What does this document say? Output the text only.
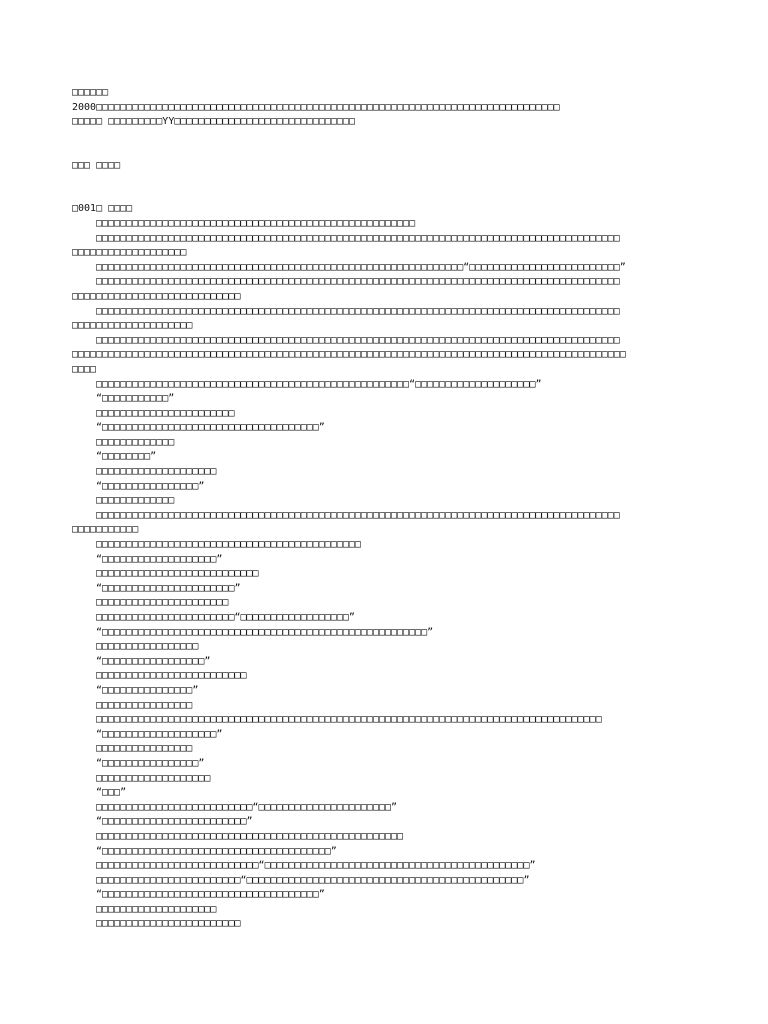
□□□□□□
2000□□□□□□□□□□□□□□□□□□□□□□□□□□□□□□□□□□□□□□□□□□□□□□□□□□□□□□□□□□□□□□□□□□□□□□□□□□□□□
□□□□□ □□□□□□□□□YY□□□□□□□□□□□□□□□□□□□□□□□□□□□□□□
□□□ □□□□
□001□ □□□□
□□□□□□□□□□□□□□□□□□□□□□□□□□□□□□□□□□□□□□□□□□□□□□□□□□□□□
□□□□□□□□□□□□□□□□□□□□□□□□□□□□□□□□□□□□□□□□□□□□□□□□□□□□□□□□□□□□□□□□□□□□□□□□□□□□□□□□□□□□□□□
□□□□□□□□□□□□□□□□□□□
□□□□□□□□□□□□□□□□□□□□□□□□□□□□□□□□□□□□□□□□□□□□□□□□□□□□□□□□□□□□□“□□□□□□□□□□□□□□□□□□□□□□□□□”
□□□□□□□□□□□□□□□□□□□□□□□□□□□□□□□□□□□□□□□□□□□□□□□□□□□□□□□□□□□□□□□□□□□□□□□□□□□□□□□□□□□□□□□
□□□□□□□□□□□□□□□□□□□□□□□□□□□□
□□□□□□□□□□□□□□□□□□□□□□□□□□□□□□□□□□□□□□□□□□□□□□□□□□□□□□□□□□□□□□□□□□□□□□□□□□□□□□□□□□□□□□□
□□□□□□□□□□□□□□□□□□□□
□□□□□□□□□□□□□□□□□□□□□□□□□□□□□□□□□□□□□□□□□□□□□□□□□□□□□□□□□□□□□□□□□□□□□□□□□□□□□□□□□□□□□□□
□□□□□□□□□□□□□□□□□□□□□□□□□□□□□□□□□□□□□□□□□□□□□□□□□□□□□□□□□□□□□□□□□□□□□□□□□□□□□□□□□□□□□□□□□□□□
□□□□
□□□□□□□□□□□□□□□□□□□□□□□□□□□□□□□□□□□□□□□□□□□□□□□□□□□□“□□□□□□□□□□□□□□□□□□□□”
“□□□□□□□□□□□”
□□□□□□□□□□□□□□□□□□□□□□□
“□□□□□□□□□□□□□□□□□□□□□□□□□□□□□□□□□□□□”
□□□□□□□□□□□□□
“□□□□□□□□”
□□□□□□□□□□□□□□□□□□□□
“□□□□□□□□□□□□□□□□”
□□□□□□□□□□□□□
□□□□□□□□□□□□□□□□□□□□□□□□□□□□□□□□□□□□□□□□□□□□□□□□□□□□□□□□□□□□□□□□□□□□□□□□□□□□□□□□□□□□□□□
□□□□□□□□□□□
□□□□□□□□□□□□□□□□□□□□□□□□□□□□□□□□□□□□□□□□□□□□
“□□□□□□□□□□□□□□□□□□□”
□□□□□□□□□□□□□□□□□□□□□□□□□□□
“□□□□□□□□□□□□□□□□□□□□□□”
□□□□□□□□□□□□□□□□□□□□□□
□□□□□□□□□□□□□□□□□□□□□□□“□□□□□□□□□□□□□□□□□□”
“□□□□□□□□□□□□□□□□□□□□□□□□□□□□□□□□□□□□□□□□□□□□□□□□□□□□□□”
□□□□□□□□□□□□□□□□□
“□□□□□□□□□□□□□□□□□”
□□□□□□□□□□□□□□□□□□□□□□□□□
“□□□□□□□□□□□□□□□”
□□□□□□□□□□□□□□□□
□□□□□□□□□□□□□□□□□□□□□□□□□□□□□□□□□□□□□□□□□□□□□□□□□□□□□□□□□□□□□□□□□□□□□□□□□□□□□□□□□□□□
“□□□□□□□□□□□□□□□□□□□”
□□□□□□□□□□□□□□□□
“□□□□□□□□□□□□□□□□”
□□□□□□□□□□□□□□□□□□□
“□□□”
□□□□□□□□□□□□□□□□□□□□□□□□□□“□□□□□□□□□□□□□□□□□□□□□□”
“□□□□□□□□□□□□□□□□□□□□□□□□”
□□□□□□□□□□□□□□□□□□□□□□□□□□□□□□□□□□□□□□□□□□□□□□□□□□□
“□□□□□□□□□□□□□□□□□□□□□□□□□□□□□□□□□□□□□□”
□□□□□□□□□□□□□□□□□□□□□□□□□□□“□□□□□□□□□□□□□□□□□□□□□□□□□□□□□□□□□□□□□□□□□□□□”
□□□□□□□□□□□□□□□□□□□□□□□□“□□□□□□□□□□□□□□□□□□□□□□□□□□□□□□□□□□□□□□□□□□□□□□”
“□□□□□□□□□□□□□□□□□□□□□□□□□□□□□□□□□□□□”
□□□□□□□□□□□□□□□□□□□□
□□□□□□□□□□□□□□□□□□□□□□□□
